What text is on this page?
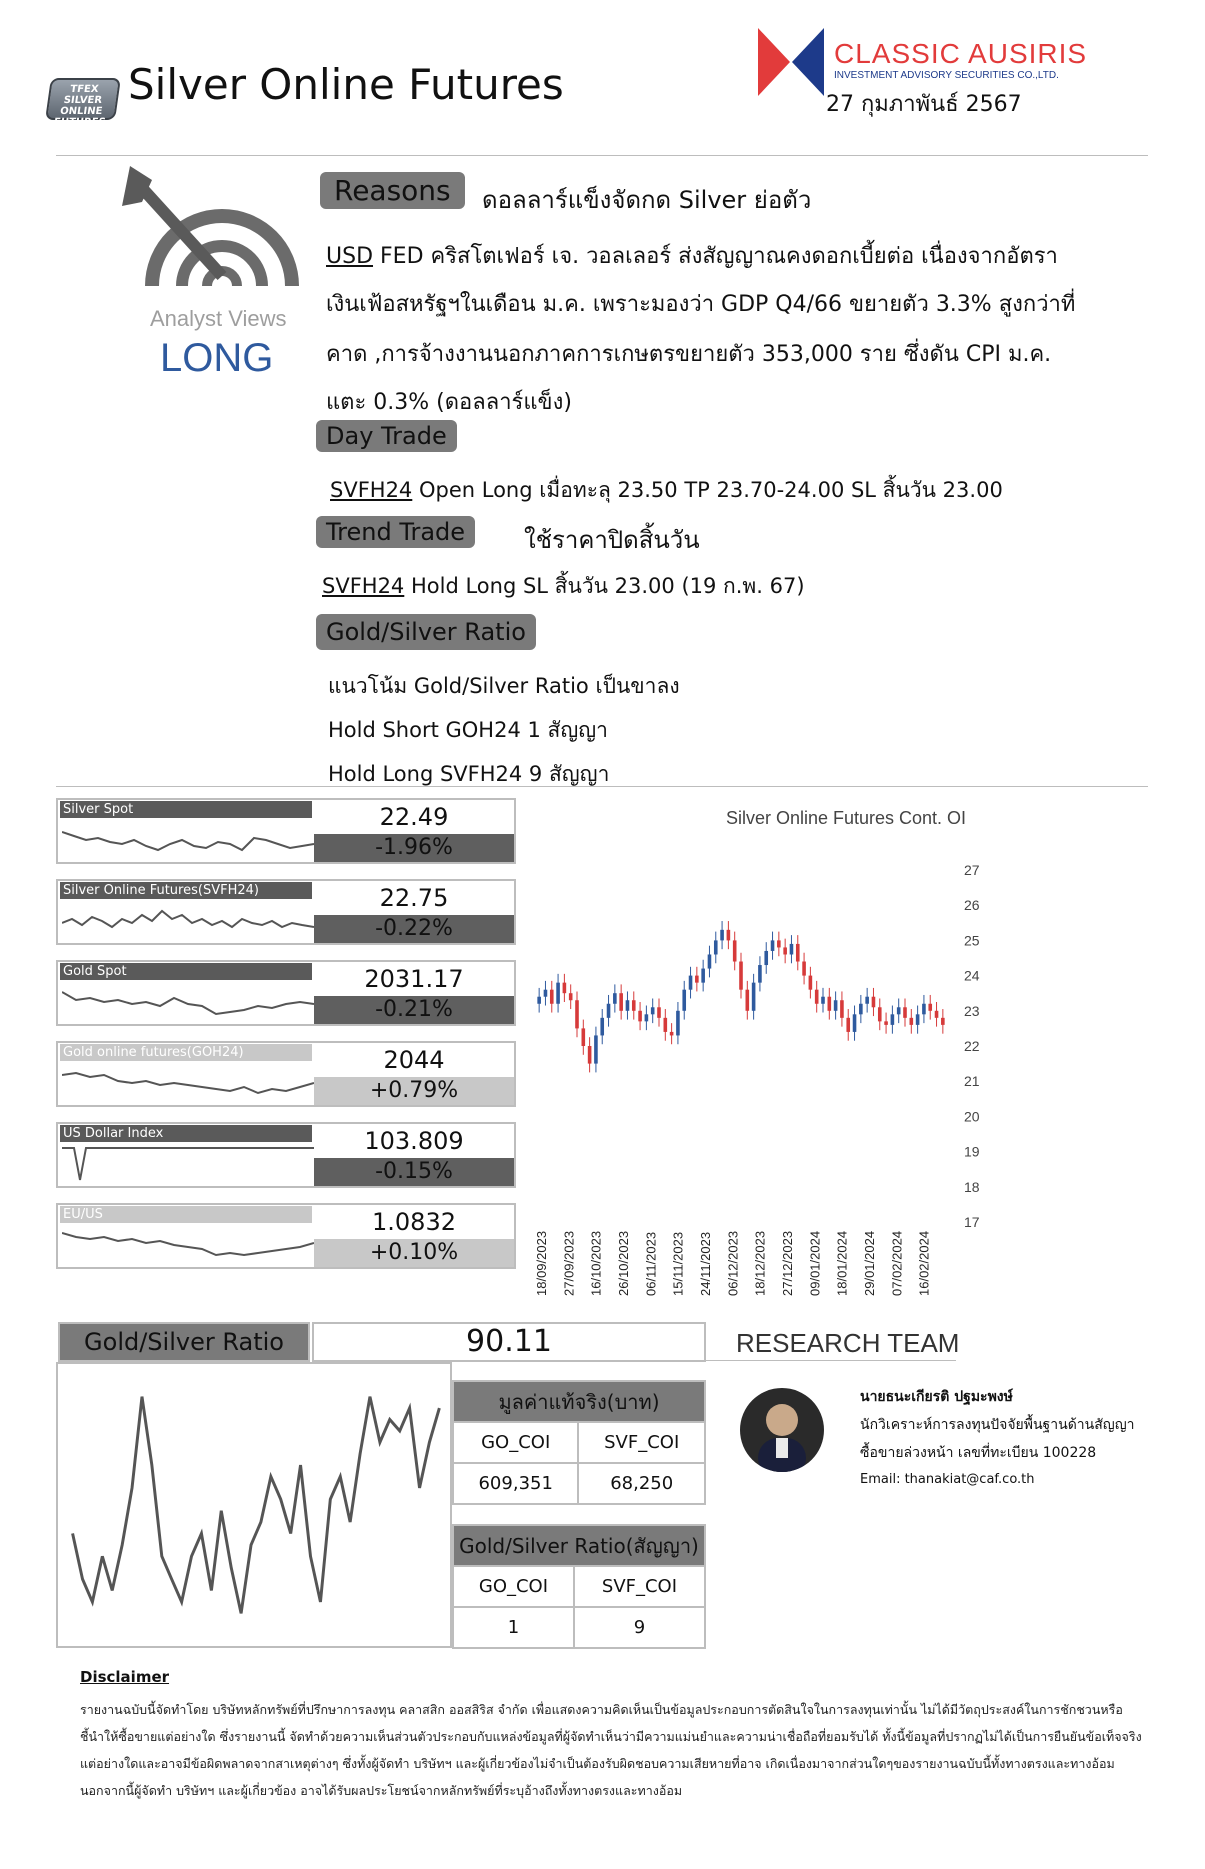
TFEX SILVER ONLINE FUTURES
Silver Online Futures
CLASSIC AUSIRIS
INVESTMENT ADVISORY SECURITIES CO.,LTD.
27 กุมภาพันธ์ 2567
Analyst Views
LONG
Reasons	ดอลลาร์แข็งจัดกด Silver ย่อตัว
USD FED คริสโตเฟอร์ เจ. วอลเลอร์ ส่งสัญญาณคงดอกเบี้ยต่อ เนื่องจากอัตรา
เงินเฟ้อสหรัฐฯในเดือน ม.ค. เพราะมองว่า GDP Q4/66 ขยายตัว 3.3% สูงกว่าที่
คาด ,การจ้างงานนอกภาคการเกษตรขยายตัว 353,000 ราย ซึ่งดัน CPI ม.ค.
แตะ 0.3% (ดอลลาร์แข็ง)
Day Trade
SVFH24 Open Long เมื่อทะลุ 23.50 TP 23.70-24.00 SL สิ้นวัน 23.00
Trend Trade	ใช้ราคาปิดสิ้นวัน
SVFH24 Hold Long SL สิ้นวัน 23.00 (19 ก.พ. 67)
Gold/Silver Ratio
แนวโน้ม Gold/Silver Ratio เป็นขาลง
Hold Short GOH24 1 สัญญา
Hold Long SVFH24 9 สัญญา
Silver Spot	22.49
-1.96%
Silver Online Futures(SVFH24)	22.75
-0.22%
Gold Spot	2031.17
-0.21%
Gold online futures(GOH24)	2044
+0.79%
US Dollar Index	103.809
-0.15%
EU/US	1.0832
+0.10%
Silver Online Futures Cont. OI
17
18
19
20
21
22
23
24
25
26
27
18/09/2023 27/09/2023 16/10/2023 26/10/2023 06/11/2023 15/11/2023 24/11/2023 06/12/2023 18/12/2023 27/12/2023 09/01/2024 18/01/2024 29/01/2024 07/02/2024 16/02/2024
Gold/Silver Ratio	90.11
มูลค่าแท้จริง(บาท)	
GO_COI	SVF_COI
609,351	68,250
Gold/Silver Ratio(สัญญา)	
GO_COI	SVF_COI
1	9
RESEARCH TEAM
นายธนะเกียรติ ปฐมะพงษ์
นักวิเคราะห์การลงทุนปัจจัยพื้นฐานด้านสัญญา
ซื้อขายล่วงหน้า เลขที่ทะเบียน 100228
Email: thanakiat@caf.co.th
Disclaimer
รายงานฉบับนี้จัดทำโดย บริษัทหลักทรัพย์ที่ปรึกษาการลงทุน คลาสสิก ออสสิริส จำกัด เพื่อแสดงความคิดเห็นเป็นข้อมูลประกอบการตัดสินใจในการลงทุนเท่านั้น ไม่ได้มีวัตถุประสงค์ในการชักชวนหรือชี้นำให้ซื้อขายแต่อย่างใด ซึ่งรายงานนี้ จัดทำด้วยความเห็นส่วนตัวประกอบกับแหล่งข้อมูลที่ผู้จัดทำเห็นว่ามีความแม่นยำและความน่าเชื่อถือที่ยอมรับได้ ทั้งนี้ข้อมูลที่ปรากฏไม่ได้เป็นการยืนยันข้อเท็จจริงแต่อย่างใดและอาจมีข้อผิดพลาดจากสาเหตุต่างๆ ซึ่งทั้งผู้จัดทำ บริษัทฯ และผู้เกี่ยวข้องไม่จำเป็นต้องรับผิดชอบความเสียหายที่อาจ เกิดเนื่องมาจากส่วนใดๆของรายงานฉบับนี้ทั้งทางตรงและทางอ้อม นอกจากนี้ผู้จัดทำ บริษัทฯ และผู้เกี่ยวข้อง อาจได้รับผลประโยชน์จากหลักทรัพย์ที่ระบุอ้างถึงทั้งทางตรงและทางอ้อม
